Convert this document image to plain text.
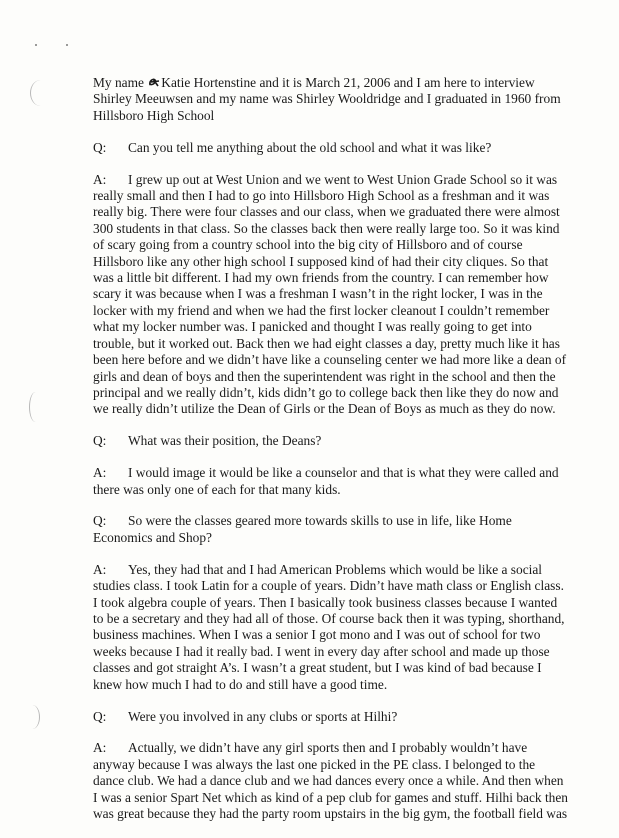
My name Katie Hortenstine and it is March 21, 2006 and I am here to interview Shirley Meeuwsen and my name was Shirley Wooldridge and I graduated in 1960 from Hillsboro High School

Q: Can you tell me anything about the old school and what it was like?

A: I grew up out at West Union and we went to West Union Grade School so it was really small and then I had to go into Hillsboro High School as a freshman and it was really big. There were four classes and our class, when we graduated there were almost 300 students in that class. So the classes back then were really large too. So it was kind of scary going from a country school into the big city of Hillsboro and of course Hillsboro like any other high school I supposed kind of had their city cliques. So that was a little bit different. I had my own friends from the country. I can remember how scary it was because when I was a freshman I wasn’t in the right locker, I was in the locker with my friend and when we had the first locker cleanout I couldn’t remember what my locker number was. I panicked and thought I was really going to get into trouble, but it worked out. Back then we had eight classes a day, pretty much like it has been here before and we didn’t have like a counseling center we had more like a dean of girls and dean of boys and then the superintendent was right in the school and then the principal and we really didn’t, kids didn’t go to college back then like they do now and we really didn’t utilize the Dean of Girls or the Dean of Boys as much as they do now.

Q: What was their position, the Deans?

A: I would image it would be like a counselor and that is what they were called and there was only one of each for that many kids.

Q: So were the classes geared more towards skills to use in life, like Home Economics and Shop?

A: Yes, they had that and I had American Problems which would be like a social studies class. I took Latin for a couple of years. Didn’t have math class or English class. I took algebra couple of years. Then I basically took business classes because I wanted to be a secretary and they had all of those. Of course back then it was typing, shorthand, business machines. When I was a senior I got mono and I was out of school for two weeks because I had it really bad. I went in every day after school and made up those classes and got straight A’s. I wasn’t a great student, but I was kind of bad because I knew how much I had to do and still have a good time.

Q: Were you involved in any clubs or sports at Hilhi?

A: Actually, we didn’t have any girl sports then and I probably wouldn’t have anyway because I was always the last one picked in the PE class. I belonged to the dance club. We had a dance club and we had dances every once a while. And then when I was a senior Spart Net which as kind of a pep club for games and stuff. Hilhi back then was great because they had the party room upstairs in the big gym, the football field was
